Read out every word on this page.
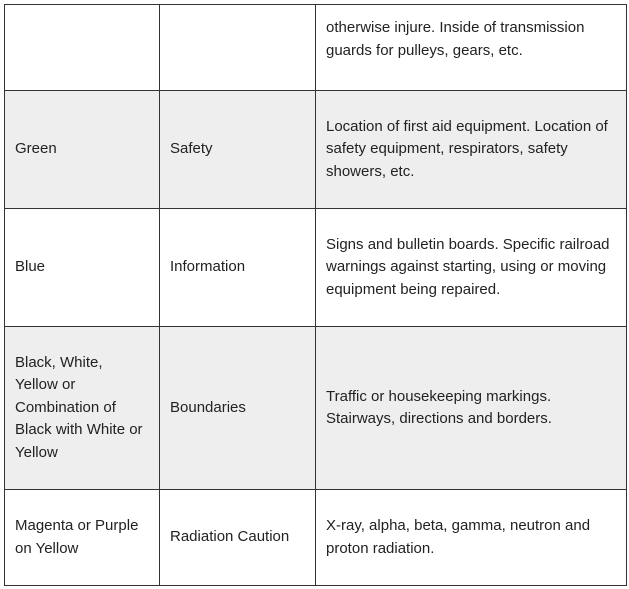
		otherwise injure. Inside of transmission guards for pulleys, gears, etc.
Green	Safety	Location of first aid equipment. Location of safety equipment, respirators, safety showers, etc.
Blue	Information	Signs and bulletin boards. Specific railroad warnings against starting, using or moving equipment being repaired.
Black, White, Yellow or Combination of Black with White or Yellow	Boundaries	Traffic or housekeeping markings. Stairways, directions and borders.
Magenta or Purple on Yellow	Radiation Caution	X-ray, alpha, beta, gamma, neutron and proton radiation.
